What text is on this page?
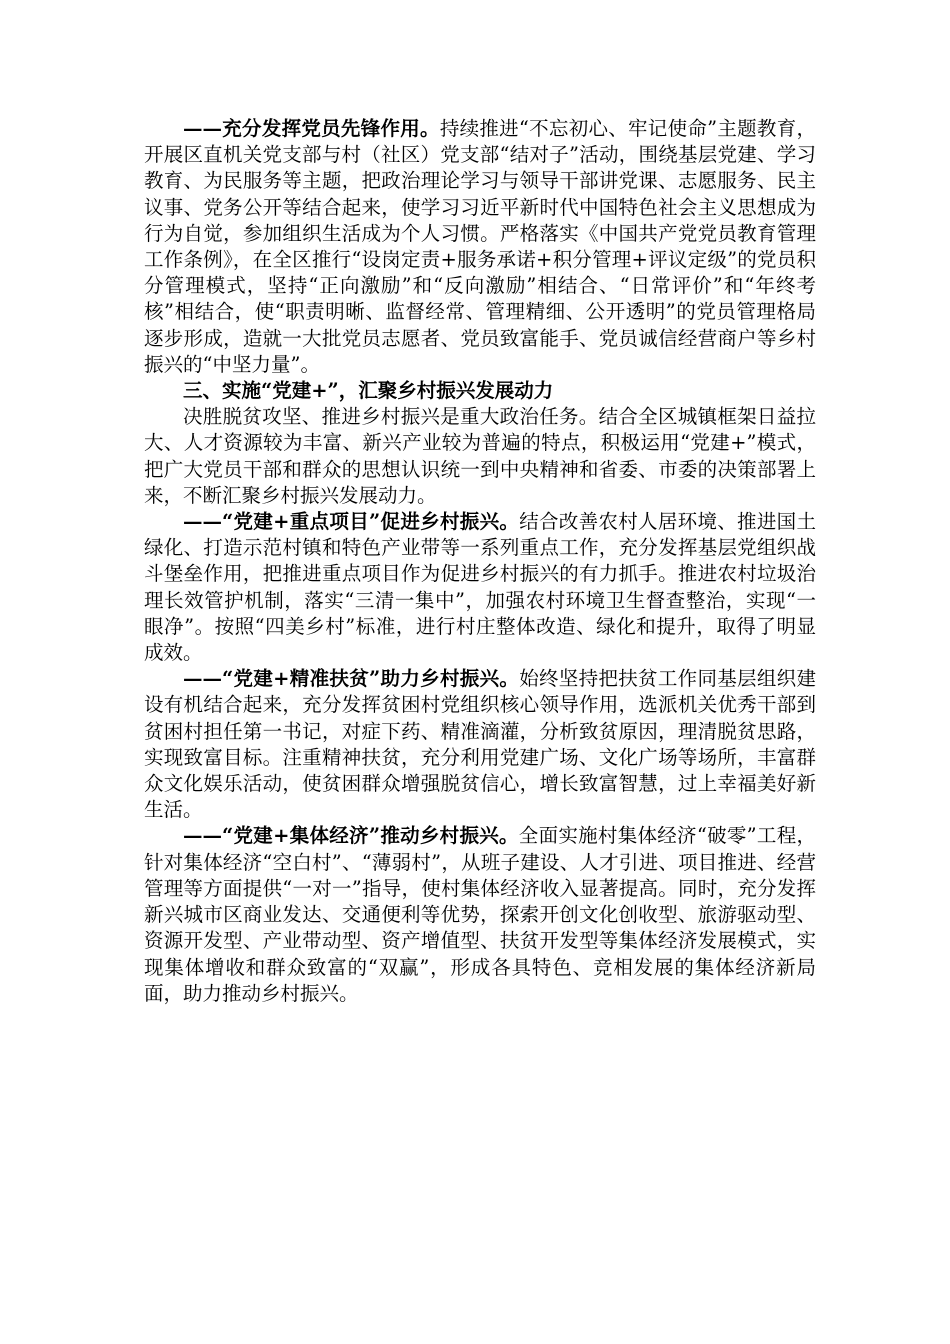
——充分发挥党员先锋作用。持续推进“不忘初心、牢记使命”主题教育，开展区直机关党支部与村（社区）党支部“结对子”活动，围绕基层党建、学习教育、为民服务等主题，把政治理论学习与领导干部讲党课、志愿服务、民主议事、党务公开等结合起来，使学习习近平新时代中国特色社会主义思想成为行为自觉，参加组织生活成为个人习惯。严格落实《中国共产党党员教育管理工作条例》，在全区推行“设岗定责+服务承诺+积分管理+评议定级”的党员积分管理模式，坚持“正向激励”和“反向激励”相结合、“日常评价”和“年终考核”相结合，使“职责明晰、监督经常、管理精细、公开透明”的党员管理格局逐步形成，造就一大批党员志愿者、党员致富能手、党员诚信经营商户等乡村振兴的“中坚力量”。

三、实施“党建+”，汇聚乡村振兴发展动力

决胜脱贫攻坚、推进乡村振兴是重大政治任务。结合全区城镇框架日益拉大、人才资源较为丰富、新兴产业较为普遍的特点，积极运用“党建+”模式，把广大党员干部和群众的思想认识统一到中央精神和省委、市委的决策部署上来，不断汇聚乡村振兴发展动力。

——“党建+重点项目”促进乡村振兴。结合改善农村人居环境、推进国土绿化、打造示范村镇和特色产业带等一系列重点工作，充分发挥基层党组织战斗堡垒作用，把推进重点项目作为促进乡村振兴的有力抓手。推进农村垃圾治理长效管护机制，落实“三清一集中”，加强农村环境卫生督查整治，实现“一眼净”。按照“四美乡村”标准，进行村庄整体改造、绿化和提升，取得了明显成效。

——“党建+精准扶贫”助力乡村振兴。始终坚持把扶贫工作同基层组织建设有机结合起来，充分发挥贫困村党组织核心领导作用，选派机关优秀干部到贫困村担任第一书记，对症下药、精准滴灌，分析致贫原因，理清脱贫思路，实现致富目标。注重精神扶贫，充分利用党建广场、文化广场等场所，丰富群众文化娱乐活动，使贫困群众增强脱贫信心，增长致富智慧，过上幸福美好新生活。

——“党建+集体经济”推动乡村振兴。全面实施村集体经济“破零”工程，针对集体经济“空白村”、“薄弱村”，从班子建设、人才引进、项目推进、经营管理等方面提供“一对一”指导，使村集体经济收入显著提高。同时，充分发挥新兴城市区商业发达、交通便利等优势，探索开创文化创收型、旅游驱动型、资源开发型、产业带动型、资产增值型、扶贫开发型等集体经济发展模式，实现集体增收和群众致富的“双赢”，形成各具特色、竞相发展的集体经济新局面，助力推动乡村振兴。
